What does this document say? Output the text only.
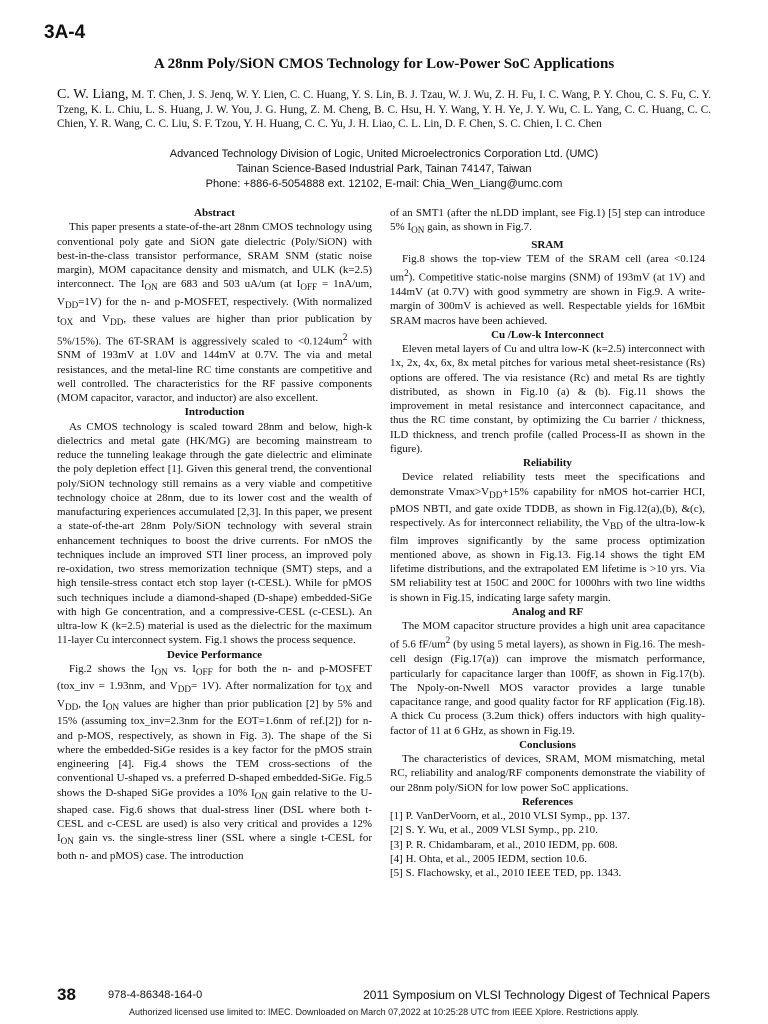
3A-4
A 28nm Poly/SiON CMOS Technology for Low-Power SoC Applications
C. W. Liang, M. T. Chen, J. S. Jenq, W. Y. Lien, C. C. Huang, Y. S. Lin, B. J. Tzau, W. J. Wu, Z. H. Fu, I. C. Wang, P. Y. Chou, C. S. Fu, C. Y. Tzeng, K. L. Chiu, L. S. Huang, J. W. You, J. G. Hung, Z. M. Cheng, B. C. Hsu, H. Y. Wang, Y. H. Ye, J. Y. Wu, C. L. Yang, C. C. Huang, C. C. Chien, Y. R. Wang, C. C. Liu, S. F. Tzou, Y. H. Huang, C. C. Yu, J. H. Liao, C. L. Lin, D. F. Chen, S. C. Chien, I. C. Chen
Advanced Technology Division of Logic, United Microelectronics Corporation Ltd. (UMC)
Tainan Science-Based Industrial Park, Tainan 74147, Taiwan
Phone: +886-6-5054888 ext. 12102, E-mail: Chia_Wen_Liang@umc.com
Abstract

This paper presents a state-of-the-art 28nm CMOS technology using conventional poly gate and SiON gate dielectric (Poly/SiON) with best-in-the-class transistor performance, SRAM SNM (static noise margin), MOM capacitance density and mismatch, and ULK (k=2.5) interconnect. The $I_{ON}$ are 683 and 503 uA/um (at $I_{OFF} = 1nA/um$, $V_{DD}=1V$) for the n- and p-MOSFET, respectively. (With normalized $t_{OX}$ and $V_{DD}$, these values are higher than prior publication by 5%/15%). The 6T-SRAM is aggressively scaled to $<0.124um^2$ with SNM of 193mV at 1.0V and 144mV at 0.7V. The via and metal resistances, and the metal-line RC time constants are competitive and well controlled. The characteristics for the RF passive components (MOM capacitor, varactor, and inductor) are also excellent.

Introduction

As CMOS technology is scaled toward 28nm and below, high-k dielectrics and metal gate (HK/MG) are becoming mainstream to reduce the tunneling leakage through the gate dielectric and eliminate the poly depletion effect [1]. Given this general trend, the conventional poly/SiON technology still remains as a very viable and competitive technology choice at 28nm, due to its lower cost and the wealth of manufacturing experiences accumulated [2,3]. In this paper, we present a state-of-the-art 28nm Poly/SiON technology with several strain enhancement techniques to boost the drive currents. For nMOS the techniques include an improved STI liner process, an improved poly re-oxidation, two stress memorization technique (SMT) steps, and a high tensile-stress contact etch stop layer (t-CESL). While for pMOS such techniques include a diamond-shaped (D-shape) embedded-SiGe with high Ge concentration, and a compressive-CESL (c-CESL). An ultra-low K (k=2.5) material is used as the dielectric for the maximum 11-layer Cu interconnect system. Fig.1 shows the process sequence.

Device Performance

Fig.2 shows the $I_{ON}$ vs. $I_{OFF}$ for both the n- and p-MOSFET (tox_inv = 1.93nm, and $V_{DD}= 1V$). After normalization for $t_{OX}$ and $V_{DD}$, the $I_{ON}$ values are higher than prior publication [2] by 5% and 15% (assuming tox_inv=2.3nm for the EOT=1.6nm of ref.[2]) for n- and p-MOS, respectively, as shown in Fig. 3). The shape of the Si where the embedded-SiGe resides is a key factor for the pMOS strain engineering [4]. Fig.4 shows the TEM cross-sections of the conventional U-shaped vs. a preferred D-shaped embedded-SiGe. Fig.5 shows the D-shaped SiGe provides a 10% $I_{ON}$ gain relative to the U-shaped case. Fig.6 shows that dual-stress liner (DSL where both t-CESL and c-CESL are used) is also very critical and provides a 12% $I_{ON}$ gain vs. the single-stress liner (SSL where a single t-CESL for both n- and pMOS) case. The introduction

of an SMT1 (after the nLDD implant, see Fig.1) [5] step can introduce 5% $I_{ON}$ gain, as shown in Fig.7.

SRAM

Fig.8 shows the top-view TEM of the SRAM cell (area <0.124 $um^2$). Competitive static-noise margins (SNM) of 193mV (at 1V) and 144mV (at 0.7V) with good symmetry are shown in Fig.9. A write-margin of 300mV is achieved as well. Respectable yields for 16Mbit SRAM macros have been achieved.

Cu /Low-k Interconnect

Eleven metal layers of Cu and ultra low-K (k=2.5) interconnect with 1x, 2x, 4x, 6x, 8x metal pitches for various metal sheet-resistance (Rs) options are offered. The via resistance (Rc) and metal Rs are tightly distributed, as shown in Fig.10 (a) & (b). Fig.11 shows the improvement in metal resistance and interconnect capacitance, and thus the RC time constant, by optimizing the Cu barrier / thickness, ILD thickness, and trench profile (called Process-II as shown in the figure).

Reliability

Device related reliability tests meet the specifications and demonstrate $Vmax>V_{DD}+15\%$ capability for nMOS hot-carrier HCI, pMOS NBTI, and gate oxide TDDB, as shown in Fig.12(a),(b), &(c), respectively. As for interconnect reliability, the $V_{BD}$ of the ultra-low-k film improves significantly by the same process optimization mentioned above, as shown in Fig.13. Fig.14 shows the tight EM lifetime distributions, and the extrapolated EM lifetime is >10 yrs. Via SM reliability test at 150C and 200C for 1000hrs with two line widths is shown in Fig.15, indicating large safety margin.

Analog and RF

The MOM capacitor structure provides a high unit area capacitance of 5.6 $fF/um^2$ (by using 5 metal layers), as shown in Fig.16. The mesh-cell design (Fig.17(a)) can improve the mismatch performance, particularly for capacitance larger than 100fF, as shown in Fig.17(b). The Npoly-on-Nwell MOS varactor provides a large tunable capacitance range, and good quality factor for RF application (Fig.18). A thick Cu process (3.2um thick) offers inductors with high quality-factor of 11 at 6 GHz, as shown in Fig.19.

Conclusions

The characteristics of devices, SRAM, MOM mismatching, metal RC, reliability and analog/RF components demonstrate the viability of our 28nm poly/SiON for low power SoC applications.

References
[1] P. VanDerVoorn, et al., 2010 VLSI Symp., pp. 137.
[2] S. Y. Wu, et al., 2009 VLSI Symp., pp. 210.
[3] P. R. Chidambaram, et al., 2010 IEDM, pp. 608.
[4] H. Ohta, et al., 2005 IEDM, section 10.6.
[5] S. Flachowsky, et al., 2010 IEEE TED, pp. 1343.
38	978-4-86348-164-0	2011 Symposium on VLSI Technology Digest of Technical Papers
Authorized licensed use limited to: IMEC. Downloaded on March 07,2022 at 10:25:28 UTC from IEEE Xplore. Restrictions apply.
